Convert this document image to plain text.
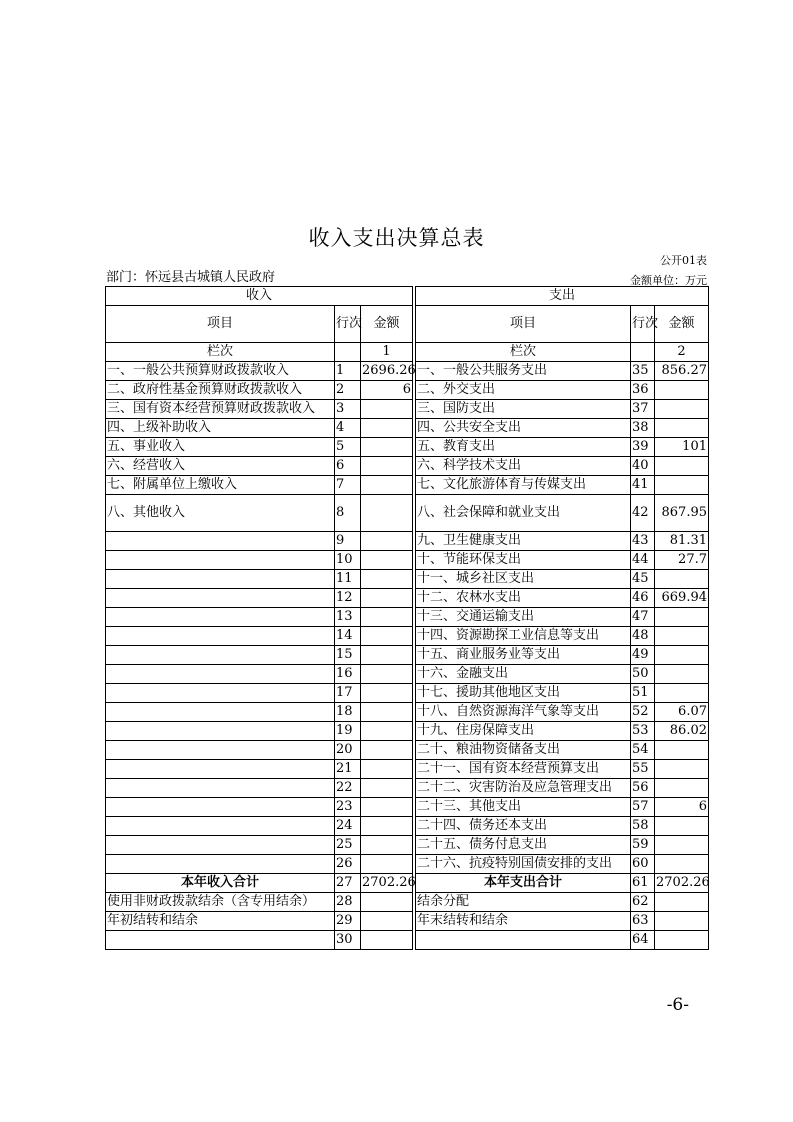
收入支出决算总表
公开01表
部门：怀远县古城镇人民政府	金额单位：万元
收入				支出		
项目	行次	金额		项目	行次	金额
栏次		1		栏次		2
一、一般公共预算财政拨款收入	1	2696.26		一、一般公共服务支出	35	856.27
二、政府性基金预算财政拨款收入	2	6		二、外交支出	36	
三、国有资本经营预算财政拨款收入	3			三、国防支出	37	
四、上级补助收入	4			四、公共安全支出	38	
五、事业收入	5			五、教育支出	39	101
六、经营收入	6			六、科学技术支出	40	
七、附属单位上缴收入	7			七、文化旅游体育与传媒支出	41	
八、其他收入	8			八、社会保障和就业支出	42	867.95
	9			九、卫生健康支出	43	81.31
	10			十、节能环保支出	44	27.7
	11			十一、城乡社区支出	45	
	12			十二、农林水支出	46	669.94
	13			十三、交通运输支出	47	
	14			十四、资源勘探工业信息等支出	48	
	15			十五、商业服务业等支出	49	
	16			十六、金融支出	50	
	17			十七、援助其他地区支出	51	
	18			十八、自然资源海洋气象等支出	52	6.07
	19			十九、住房保障支出	53	86.02
	20			二十、粮油物资储备支出	54	
	21			二十一、国有资本经营预算支出	55	
	22			二十二、灾害防治及应急管理支出	56	
	23			二十三、其他支出	57	6
	24			二十四、债务还本支出	58	
	25			二十五、债务付息支出	59	
	26			二十六、抗疫特别国债安排的支出	60	
本年收入合计	27	2702.26		本年支出合计	61	2702.26
使用非财政拨款结余（含专用结余）	28			结余分配	62	
年初结转和结余	29			年末结转和结余	63	
	30				64	
-6-
